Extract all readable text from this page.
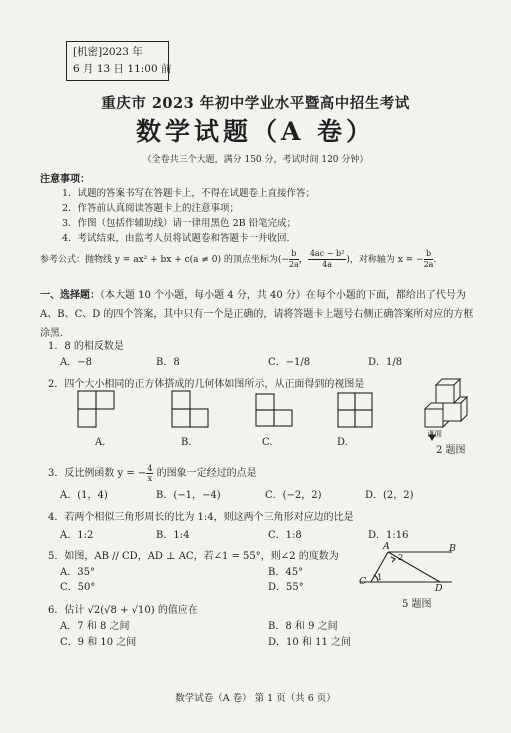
[机密]2023 年
6 月 13 日 11:00 前
重庆市 2023 年初中学业水平暨高中招生考试
数学试题（A 卷）
（全卷共三个大题，满分 150 分，考试时间 120 分钟）
注意事项：
1．试题的答案书写在答题卡上，不得在试题卷上直接作答；
2．作答前认真阅读答题卡上的注意事项；
3．作图（包括作辅助线）请一律用黑色 2B 铅笔完成；
4．考试结束，由监考人员将试题卷和答题卡一并收回.
参考公式：抛物线 y = ax² + bx + c(a ≠ 0) 的顶点坐标为(− $\frac{b}{2a}$ ， $\frac{\text{4ac − b²}}{4a}$ )，对称轴为 x = − $\frac{b}{2a}$ .
一、选择题：（本大题 10 个小题，每小题 4 分，共 40 分）在每个小题的下面，都给出了代号为 A、B、C、D 的四个答案，其中只有一个是正确的，请将答题卡上题号右侧正确答案所对应的方框涂黑.
1．8 的相反数是
A．−8	B．8	C．−1/8	D．1/8
2．四个大小相同的正方体搭成的几何体如图所示，从正面得到的视图是
A.	B.	C.	D.
正面
2 题图
3．反比例函数 y = − $\frac{4}{x}$ 的图象一定经过的点是
A．(1，4)	B．(−1，−4)	C．(−2，2)	D．(2，2)
4．若两个相似三角形周长的比为 1:4，则这两个三角形对应边的比是
A．1:2	B．1:4	C．1:8	D．1:16
5．如图，AB // CD，AD ⊥ AC，若∠1 = 55°，则∠2 的度数为
A．35°	B．45°
C．50°	D．55°
A	B
C
D
1
2
5 题图
6．估计 √2(√8 + √10) 的值应在
A．7 和 8 之间	B．8 和 9 之间
C．9 和 10 之间	D．10 和 11 之间
数学试卷（A 卷） 第 1 页（共 6 页）
